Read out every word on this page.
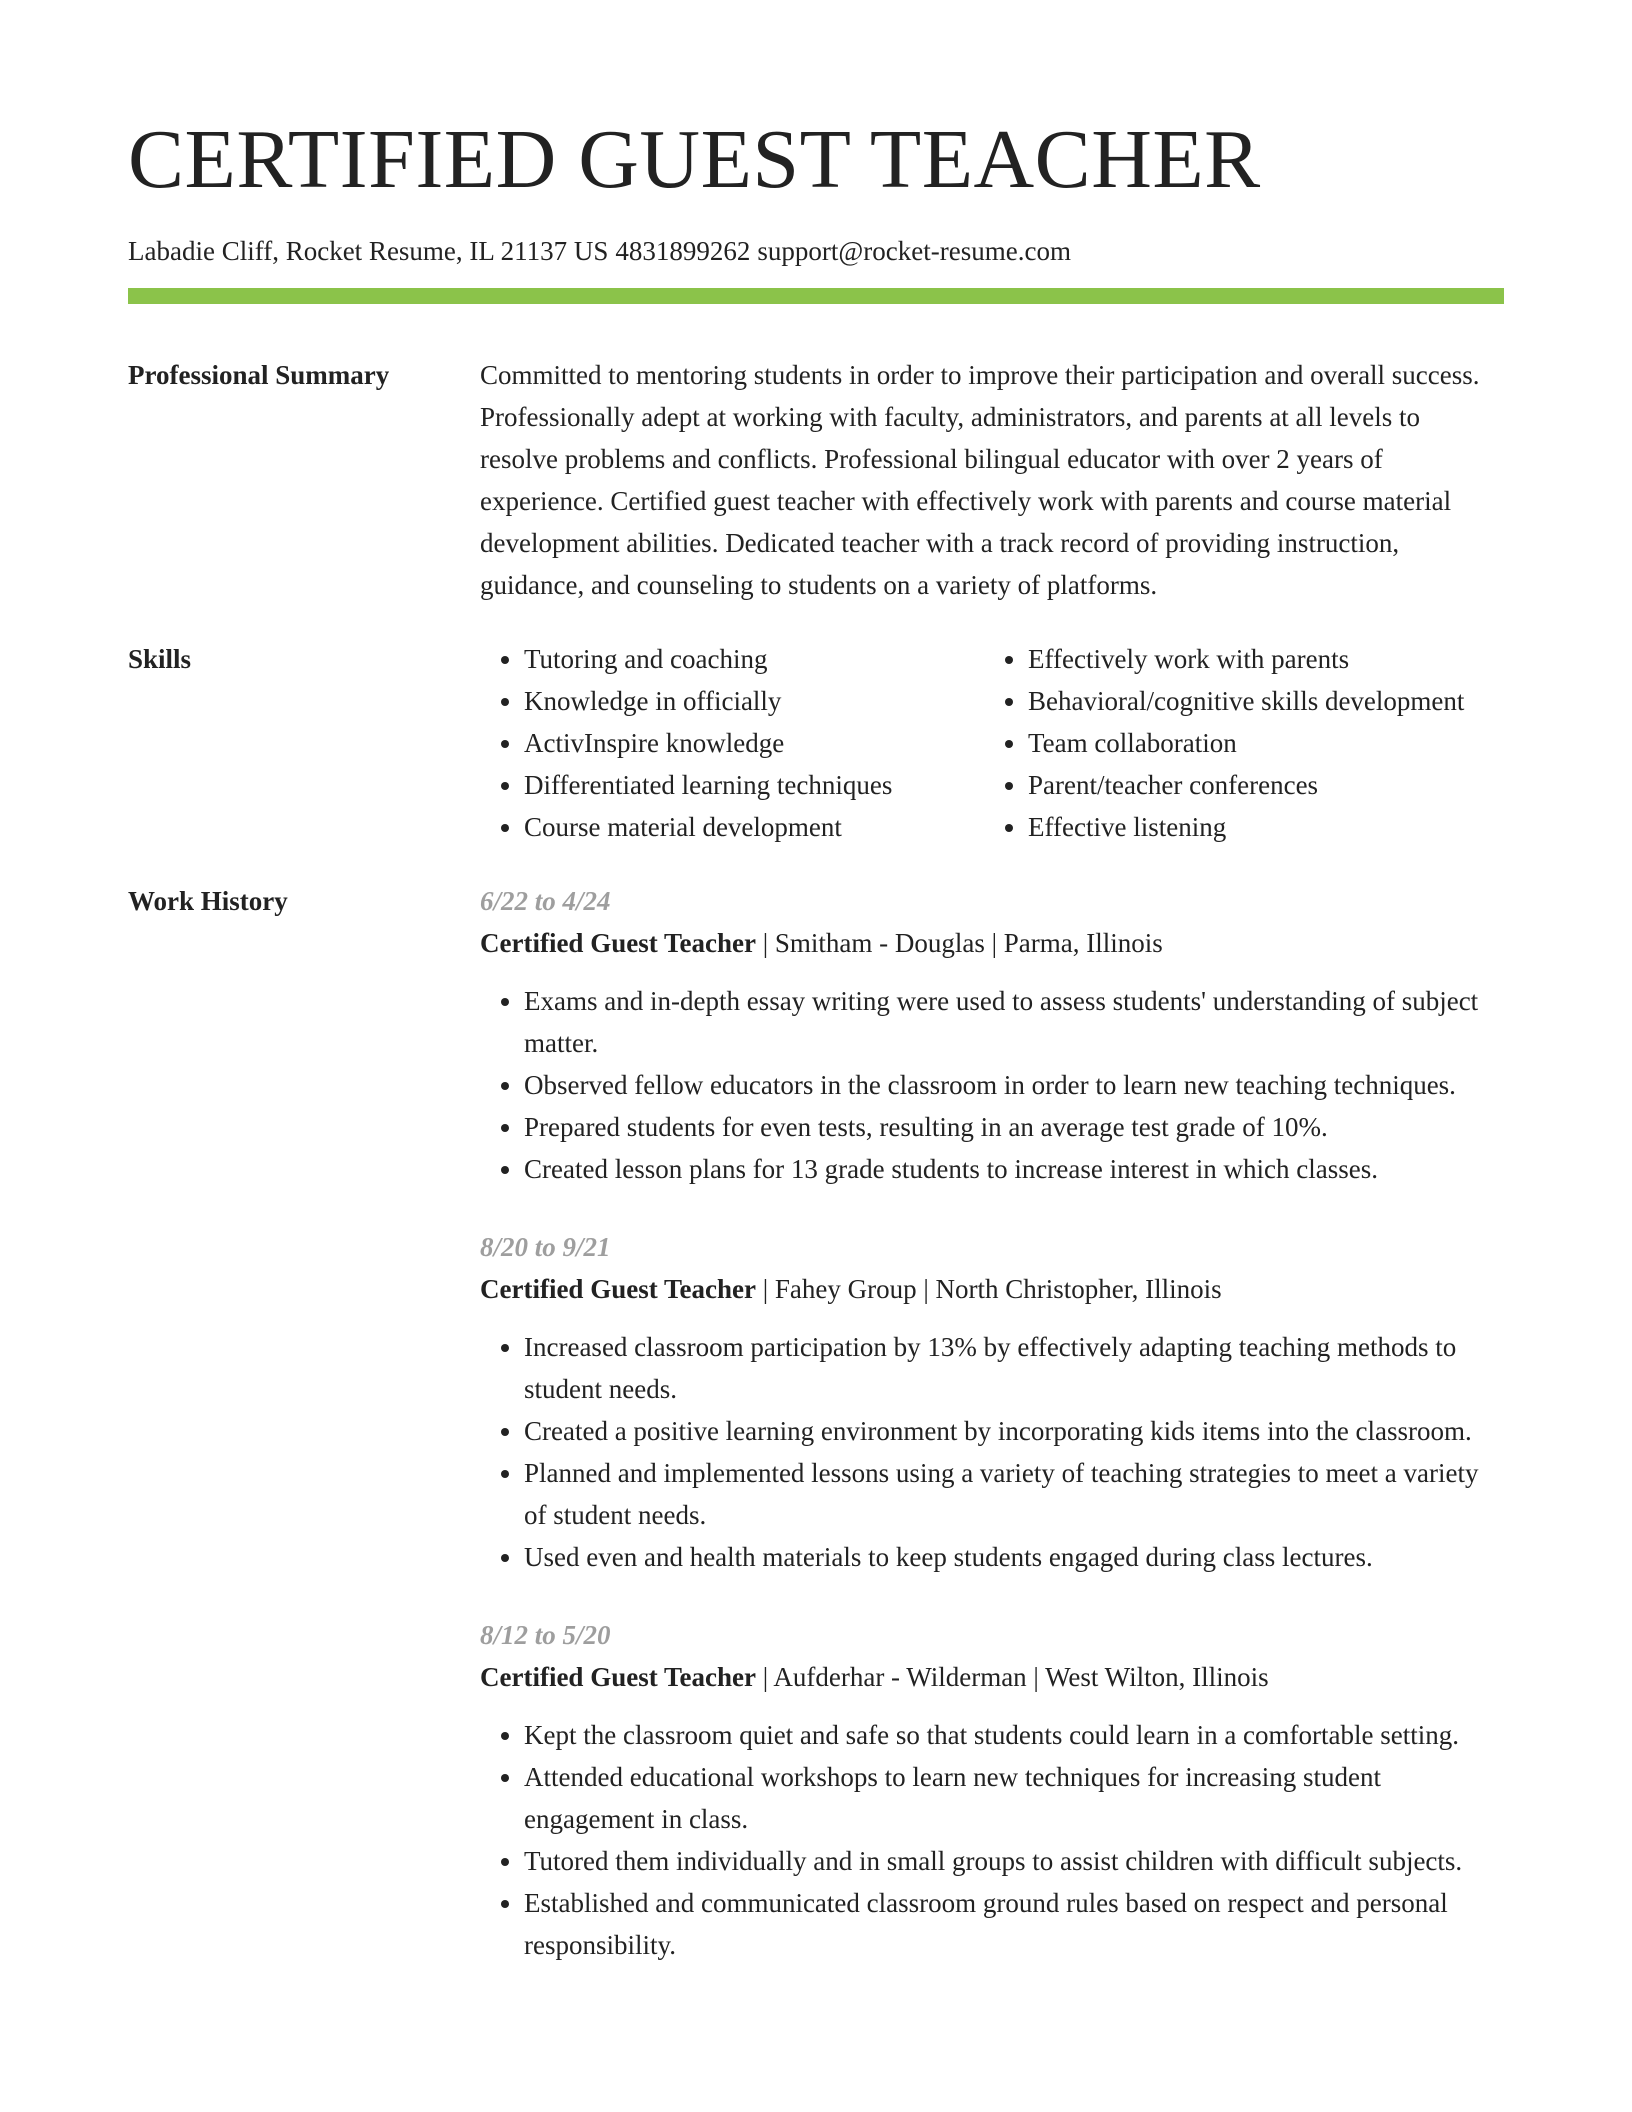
CERTIFIED GUEST TEACHER
Labadie Cliff, Rocket Resume, IL 21137 US 4831899262 support@rocket-resume.com
Professional Summary	Committed to mentoring students in order to improve their participation and overall success. Professionally adept at working with faculty, administrators, and parents at all levels to resolve problems and conflicts. Professional bilingual educator with over 2 years of experience. Certified guest teacher with effectively work with parents and course material development abilities. Dedicated teacher with a track record of providing instruction, guidance, and counseling to students on a variety of platforms.
Skills
•	Tutoring and coaching
• Knowledge in officially
• ActivInspire knowledge
• Differentiated learning techniques
• Course material development
• Effectively work with parents
• Behavioral/cognitive skills development
• Team collaboration
• Parent/teacher conferences
• Effective listening
Work History	6/22 to 4/24
Certified Guest Teacher | Smitham - Douglas | Parma, Illinois
• Exams and in-depth essay writing were used to assess students' understanding of subject matter.
• Observed fellow educators in the classroom in order to learn new teaching techniques.
• Prepared students for even tests, resulting in an average test grade of 10%.
• Created lesson plans for 13 grade students to increase interest in which classes.
8/20 to 9/21
Certified Guest Teacher | Fahey Group | North Christopher, Illinois
• Increased classroom participation by 13% by effectively adapting teaching methods to student needs.
• Created a positive learning environment by incorporating kids items into the classroom.
• Planned and implemented lessons using a variety of teaching strategies to meet a variety of student needs.
• Used even and health materials to keep students engaged during class lectures.
8/12 to 5/20
Certified Guest Teacher | Aufderhar - Wilderman | West Wilton, Illinois
• Kept the classroom quiet and safe so that students could learn in a comfortable setting.
• Attended educational workshops to learn new techniques for increasing student engagement in class.
• Tutored them individually and in small groups to assist children with difficult subjects.
• Established and communicated classroom ground rules based on respect and personal responsibility.
